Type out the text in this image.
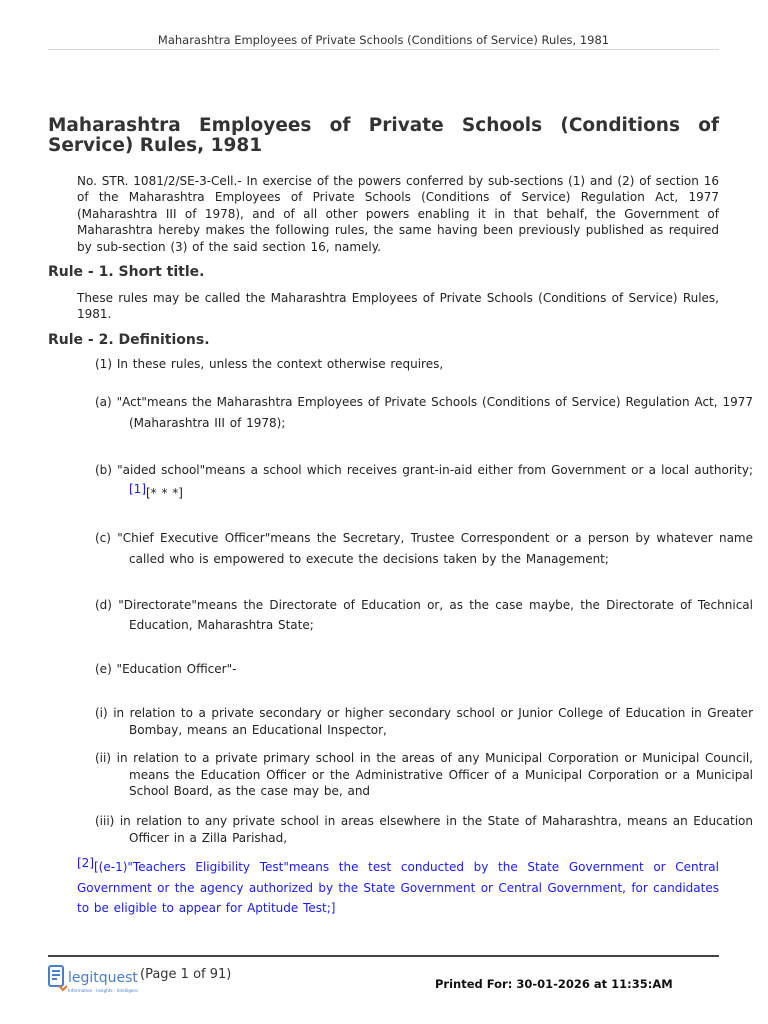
Maharashtra Employees of Private Schools (Conditions of Service) Rules, 1981
Maharashtra Employees of Private Schools (Conditions of Service) Rules, 1981

No. STR. 1081/2/SE-3-Cell.- In exercise of the powers conferred by sub-sections (1) and (2) of section 16 of the Maharashtra Employees of Private Schools (Conditions of Service) Regulation Act, 1977 (Maharashtra III of 1978), and of all other powers enabling it in that behalf, the Government of Maharashtra hereby makes the following rules, the same having been previously published as required by sub-section (3) of the said section 16, namely.

Rule - 1. Short title.

These rules may be called the Maharashtra Employees of Private Schools (Conditions of Service) Rules, 1981.

Rule - 2. Definitions.

(1) In these rules, unless the context otherwise requires,

(a) "Act"means the Maharashtra Employees of Private Schools (Conditions of Service) Regulation Act, 1977 (Maharashtra III of 1978);

(b) "aided school"means a school which receives grant-in-aid either from Government or a local authority;[1][* * *]

(c) "Chief Executive Officer"means the Secretary, Trustee Correspondent or a person by whatever name called who is empowered to execute the decisions taken by the Management;

(d) "Directorate"means the Directorate of Education or, as the case maybe, the Directorate of Technical Education, Maharashtra State;

(e) "Education Officer"-

(i) in relation to a private secondary or higher secondary school or Junior College of Education in Greater Bombay, means an Educational Inspector,

(ii) in relation to a private primary school in the areas of any Municipal Corporation or Municipal Council, means the Education Officer or the Administrative Officer of a Municipal Corporation or a Municipal School Board, as the case may be, and

(iii) in relation to any private school in areas elsewhere in the State of Maharashtra, means an Education Officer in a Zilla Parishad,

[2][(e-1)"Teachers Eligibility Test"means the test conducted by the State Government or Central Government or the agency authorized by the State Government or Central Government, for candidates to be eligible to appear for Aptitude Test;]

legitquest
Information · Insights · Intelligence
(Page 1 of 91)
Printed For: 30-01-2026 at 11:35:AM
